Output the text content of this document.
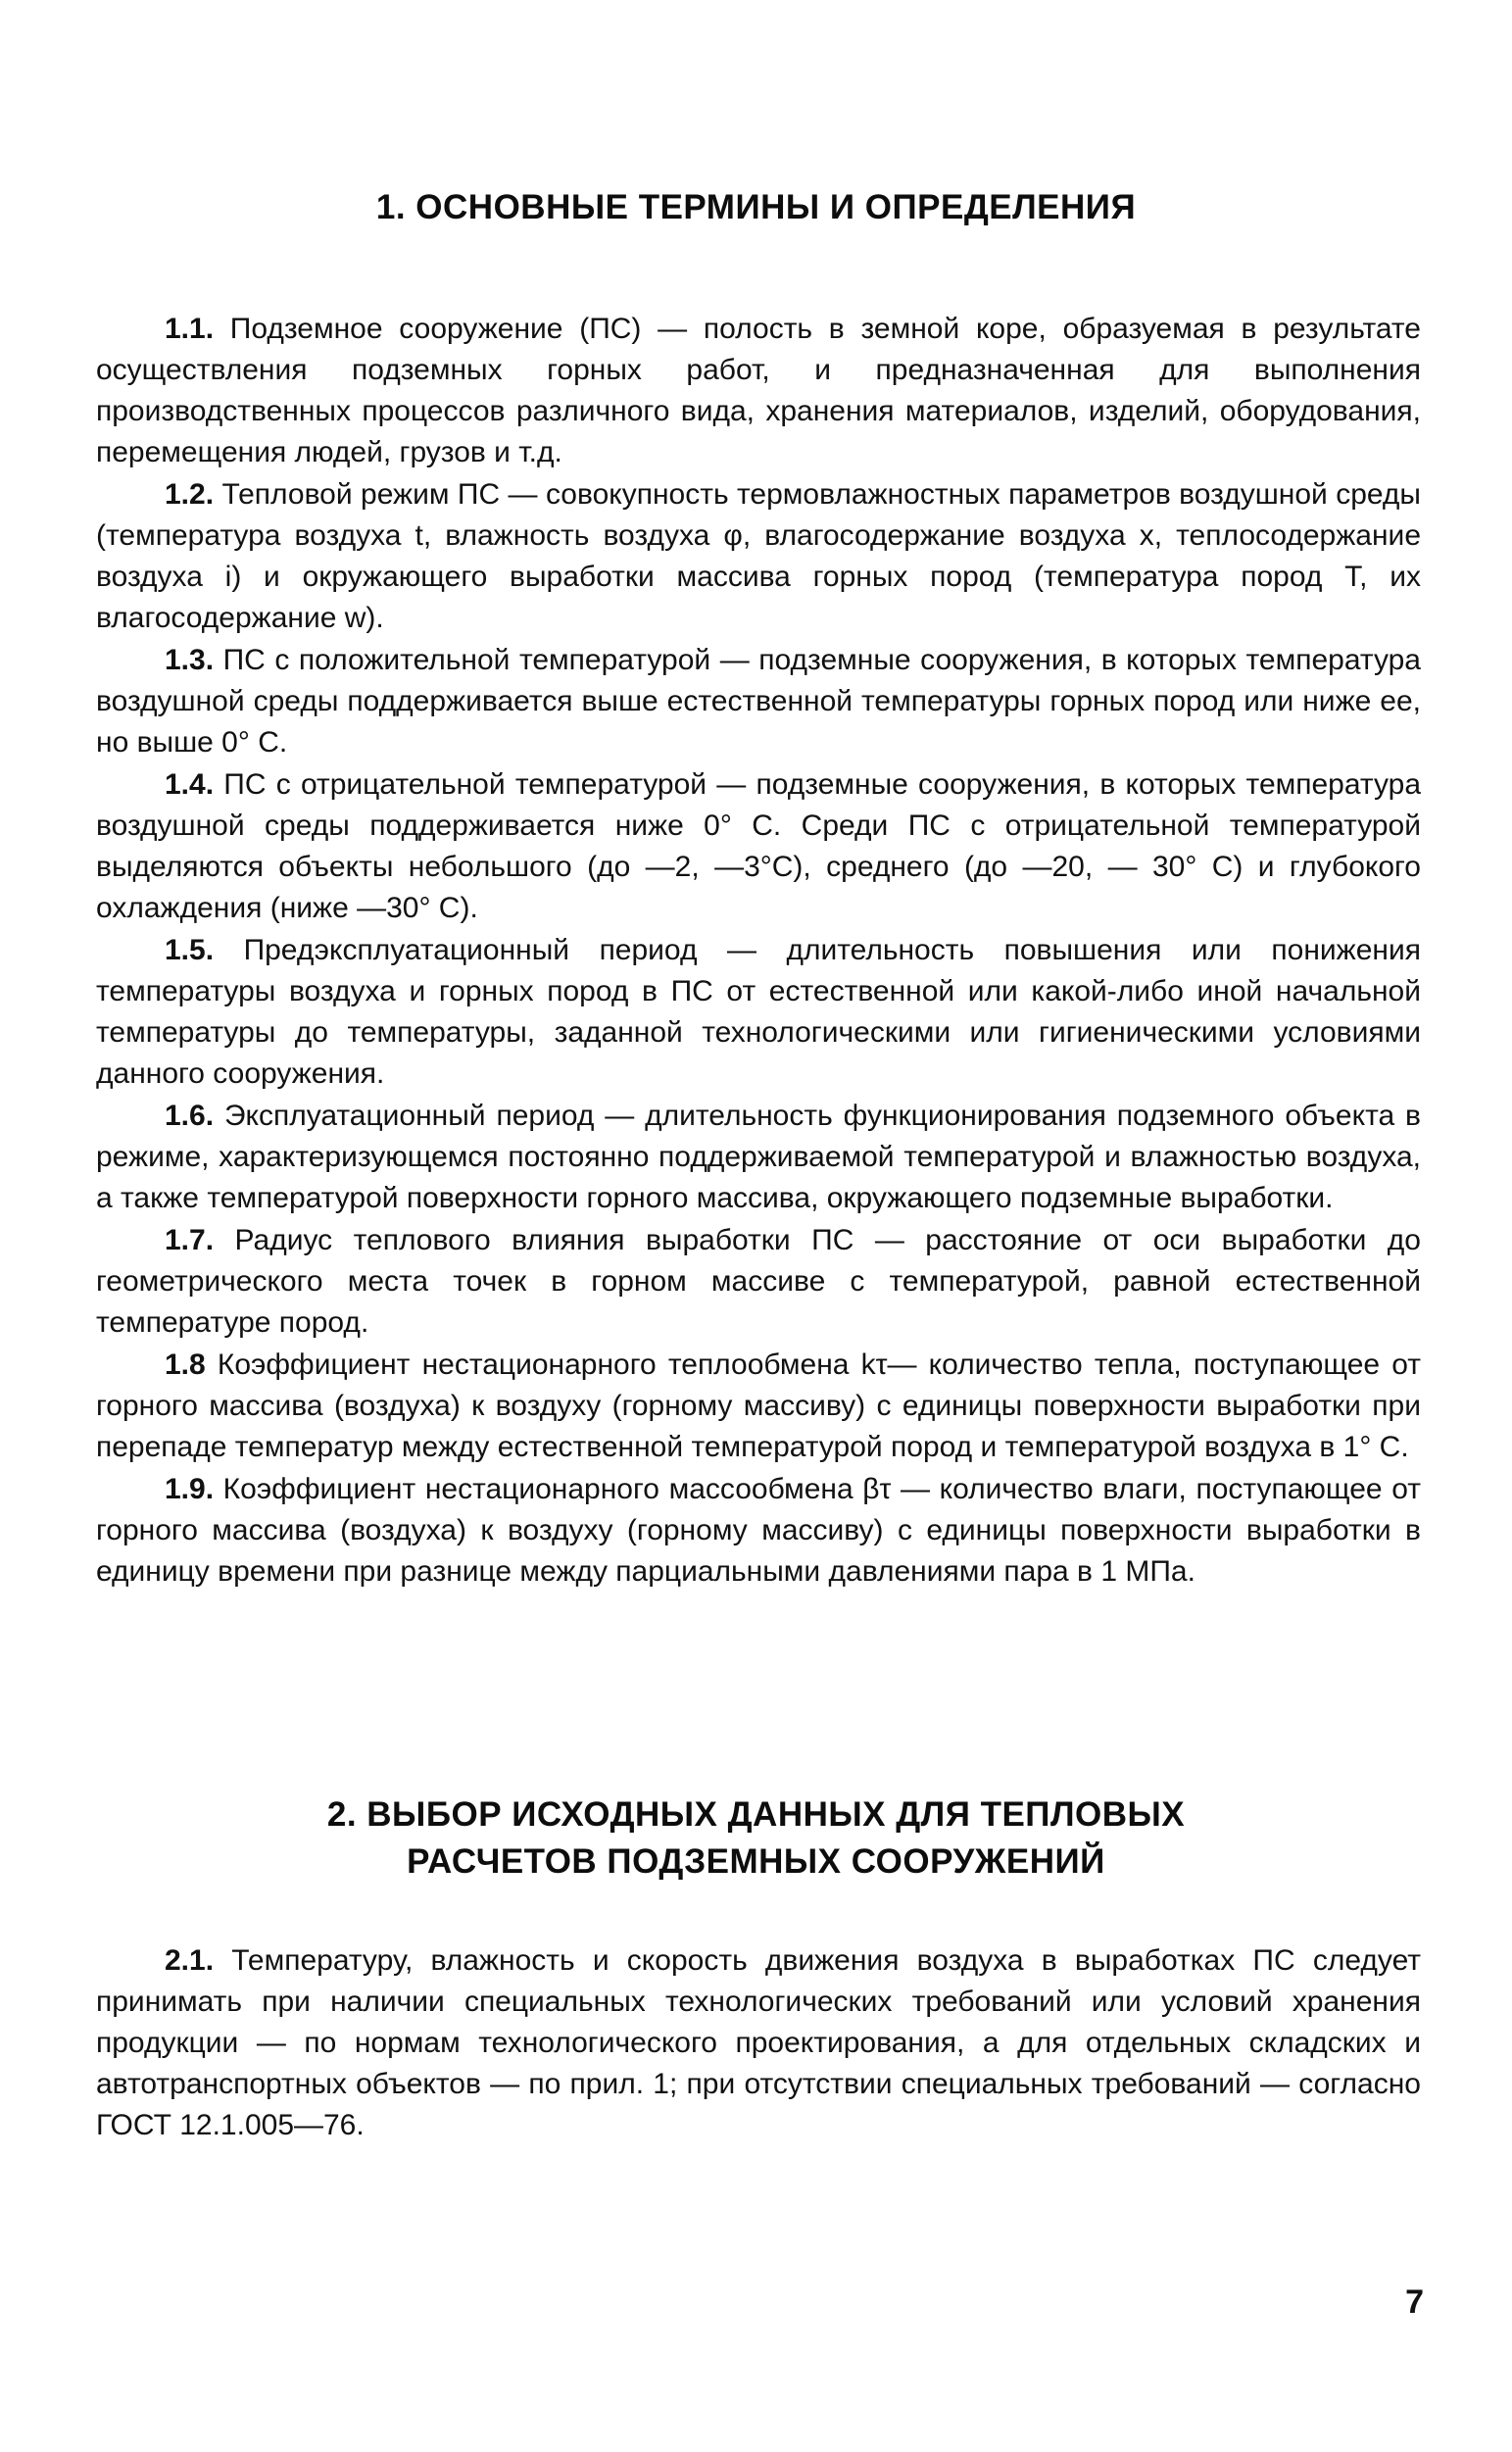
1. ОСНОВНЫЕ ТЕРМИНЫ И ОПРЕДЕЛЕНИЯ

1.1. Подземное сооружение (ПС) — полость в земной коре, образуемая в результате осуществления подземных горных работ, и предназначенная для выполнения производственных процессов различного вида, хранения материалов, изделий, оборудования, перемещения людей, грузов и т.д.

1.2. Тепловой режим ПС — совокупность термовлажностных параметров воздушной среды (температура воздуха t, влажность воздуха φ, влагосодержание воздуха x, теплосодержание воздуха i) и окружающего выработки массива горных пород (температура пород T, их влагосодержание w).

1.3. ПС с положительной температурой — подземные сооружения, в которых температура воздушной среды поддерживается выше естественной температуры горных пород или ниже ее, но выше 0° С.

1.4. ПС с отрицательной температурой — подземные сооружения, в которых температура воздушной среды поддерживается ниже 0° С. Среди ПС с отрицательной температурой выделяются объекты небольшого (до —2, —3°С), среднего (до —20, — 30° С) и глубокого охлаждения (ниже —30° С).

1.5. Предэксплуатационный период — длительность повышения или понижения температуры воздуха и горных пород в ПС от естественной или какой-либо иной начальной температуры до температуры, заданной технологическими или гигиеническими условиями данного сооружения.

1.6. Эксплуатационный период — длительность функционирования подземного объекта в режиме, характеризующемся постоянно поддерживаемой температурой и влажностью воздуха, а также температурой поверхности горного массива, окружающего подземные выработки.

1.7. Радиус теплового влияния выработки ПС — расстояние от оси выработки до геометрического места точек в горном массиве с температурой, равной естественной температуре пород.

1.8 Коэффициент нестационарного теплообмена kτ— количество тепла, поступающее от горного массива (воздуха) к воздуху (горному массиву) с единицы поверхности выработки при перепаде температур между естественной температурой пород и температурой воздуха в 1° С.

1.9. Коэффициент нестационарного массообмена βτ — количество влаги, поступающее от горного массива (воздуха) к воздуху (горному массиву) с единицы поверхности выработки в единицу времени при разнице между парциальными давлениями пара в 1 МПа.

2. ВЫБОР ИСХОДНЫХ ДАННЫХ ДЛЯ ТЕПЛОВЫХ
РАСЧЕТОВ ПОДЗЕМНЫХ СООРУЖЕНИЙ

2.1. Температуру, влажность и скорость движения воздуха в выработках ПС следует принимать при наличии специальных технологических требований или условий хранения продукции — по нормам технологического проектирования, а для отдельных складских и автотранспортных объектов — по прил. 1; при отсутствии специальных требований — согласно ГОСТ 12.1.005—76.

7
